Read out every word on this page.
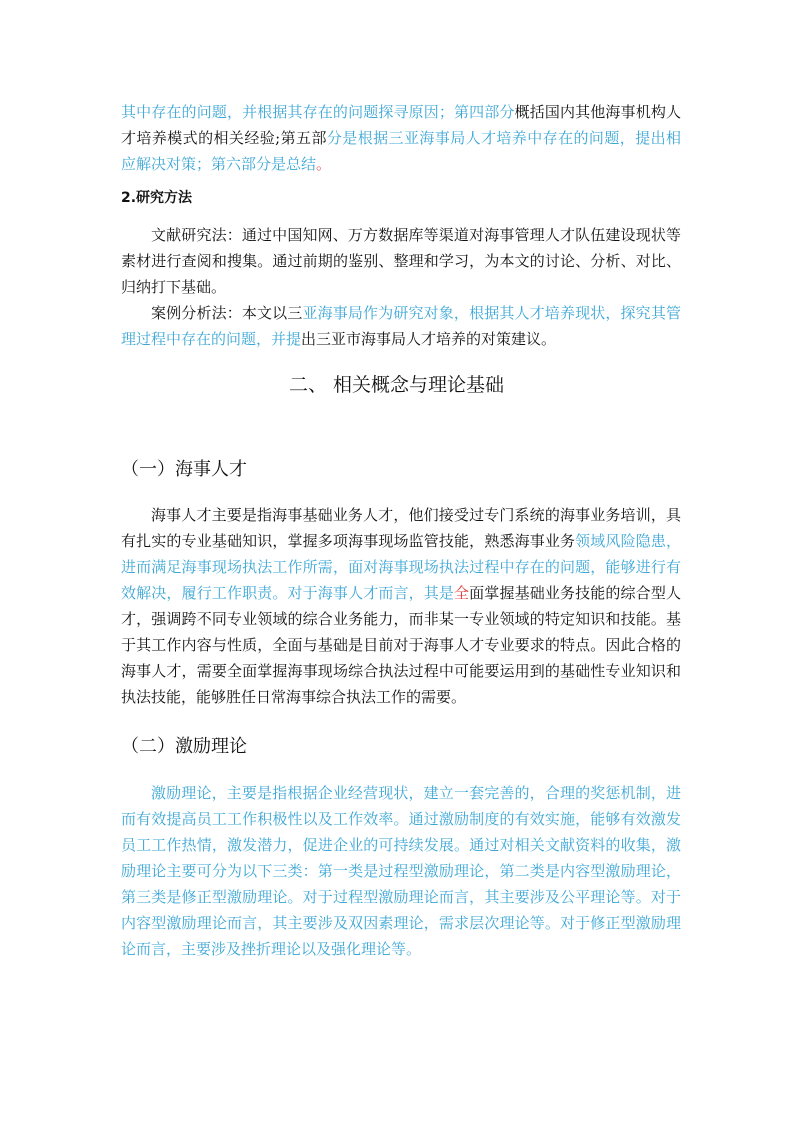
其中存在的问题，并根据其存在的问题探寻原因；第四部分概括国内其他海事机构人才培养模式的相关经验;第五部分是根据三亚海事局人才培养中存在的问题，提出相应解决对策；第六部分是总结。

2.研究方法

文献研究法：通过中国知网、万方数据库等渠道对海事管理人才队伍建设现状等素材进行查阅和搜集。通过前期的鉴别、整理和学习，为本文的讨论、分析、对比、归纳打下基础。

案例分析法：本文以三亚海事局作为研究对象，根据其人才培养现状，探究其管理过程中存在的问题，并提出三亚市海事局人才培养的对策建议。

二、 相关概念与理论基础
（一）海事人才

海事人才主要是指海事基础业务人才，他们接受过专门系统的海事业务培训，具有扎实的专业基础知识，掌握多项海事现场监管技能，熟悉海事业务领域风险隐患，进而满足海事现场执法工作所需，面对海事现场执法过程中存在的问题，能够进行有效解决，履行工作职责。对于海事人才而言，其是全面掌握基础业务技能的综合型人才，强调跨不同专业领域的综合业务能力，而非某一专业领域的特定知识和技能。基于其工作内容与性质，全面与基础是目前对于海事人才专业要求的特点。因此合格的海事人才，需要全面掌握海事现场综合执法过程中可能要运用到的基础性专业知识和执法技能，能够胜任日常海事综合执法工作的需要。

（二）激励理论

激励理论，主要是指根据企业经营现状，建立一套完善的，合理的奖惩机制，进而有效提高员工工作积极性以及工作效率。通过激励制度的有效实施，能够有效激发员工工作热情，激发潜力，促进企业的可持续发展。通过对相关文献资料的收集，激励理论主要可分为以下三类：第一类是过程型激励理论，第二类是内容型激励理论，第三类是修正型激励理论。对于过程型激励理论而言，其主要涉及公平理论等。对于内容型激励理论而言，其主要涉及双因素理论，需求层次理论等。对于修正型激励理论而言，主要涉及挫折理论以及强化理论等。
